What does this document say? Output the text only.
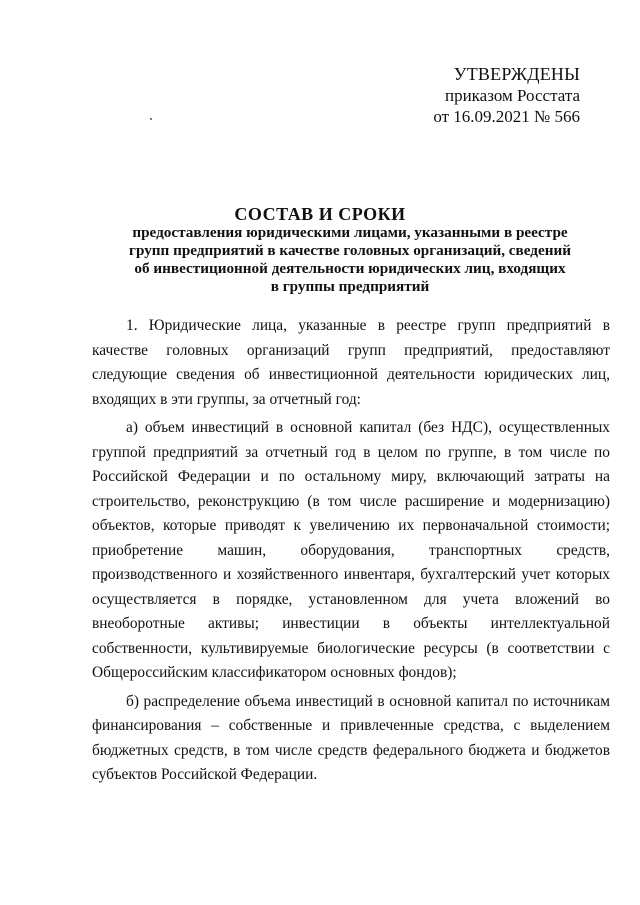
УТВЕРЖДЕНЫ
приказом Росстата
от 16.09.2021 № 566
СОСТАВ И СРОКИ
предоставления юридическими лицами, указанными в реестре
групп предприятий в качестве головных организаций, сведений
об инвестиционной деятельности юридических лиц, входящих
в группы предприятий

1. Юридические лица, указанные в реестре групп предприятий в качестве головных организаций групп предприятий, предоставляют следующие сведения об инвестиционной деятельности юридических лиц, входящих в эти группы, за отчетный год:

а) объем инвестиций в основной капитал (без НДС), осуществленных группой предприятий за отчетный год в целом по группе, в том числе по Российской Федерации и по остальному миру, включающий затраты на строительство, реконструкцию (в том числе расширение и модернизацию) объектов, которые приводят к увеличению их первоначальной стоимости; приобретение машин, оборудования, транспортных средств, производственного и хозяйственного инвентаря, бухгалтерский учет которых осуществляется в порядке, установленном для учета вложений во внеоборотные активы; инвестиции в объекты интеллектуальной собственности, культивируемые биологические ресурсы (в соответствии с Общероссийским классификатором основных фондов);

б) распределение объема инвестиций в основной капитал по источникам финансирования – собственные и привлеченные средства, с выделением бюджетных средств, в том числе средств федерального бюджета и бюджетов субъектов Российской Федерации.
